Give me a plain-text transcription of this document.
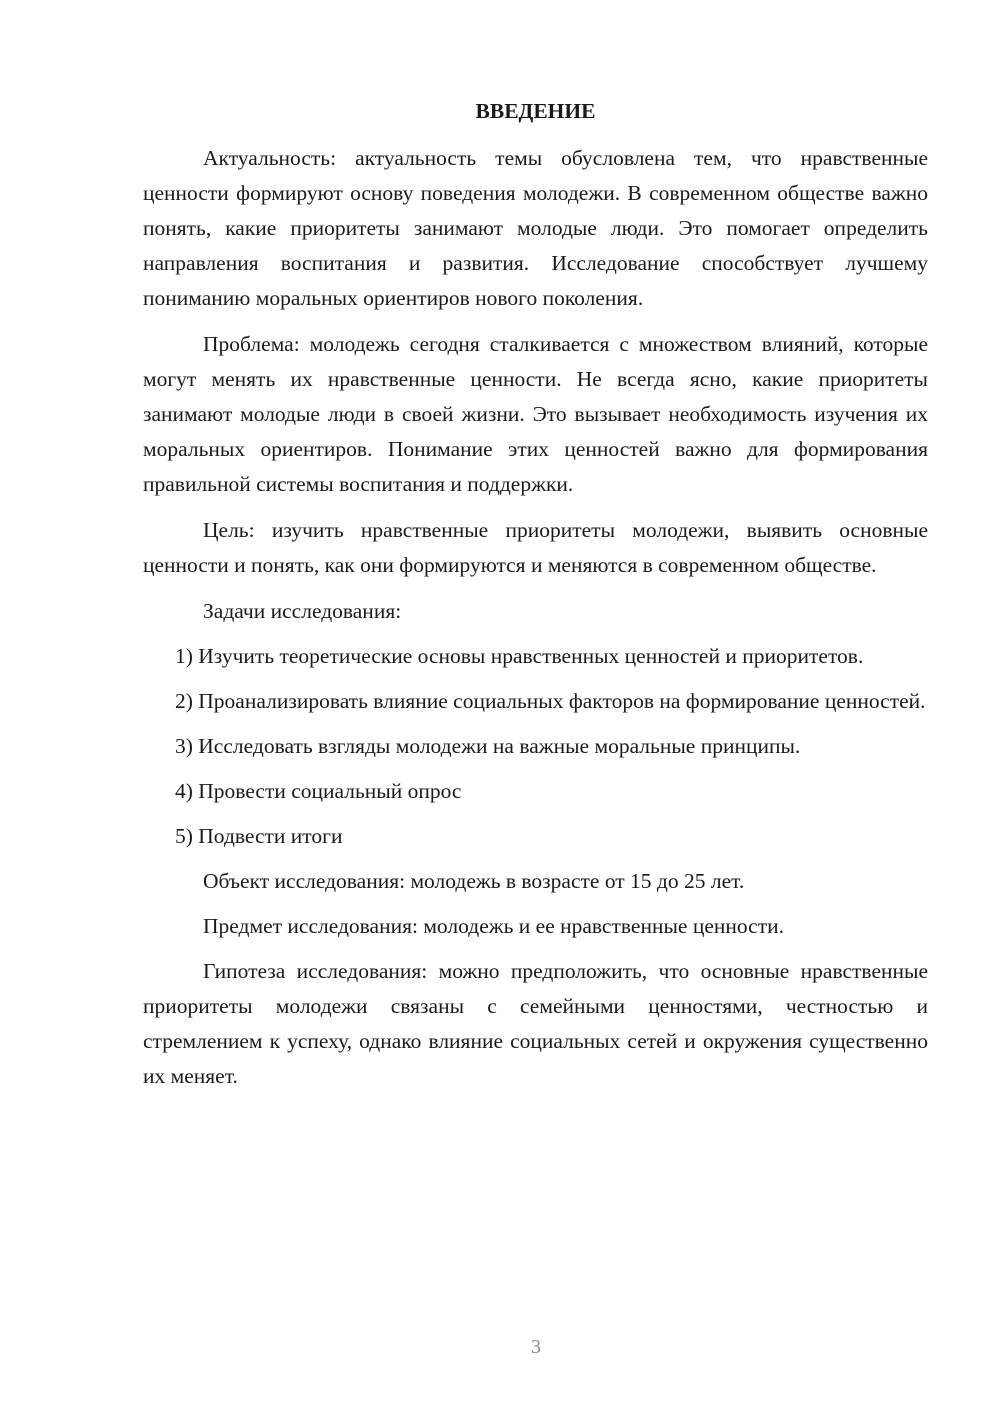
ВВЕДЕНИЕ

Актуальность: актуальность темы обусловлена тем, что нравственные ценности формируют основу поведения молодежи. В современном обществе важно понять, какие приоритеты занимают молодые люди. Это помогает определить направления воспитания и развития. Исследование способствует лучшему пониманию моральных ориентиров нового поколения.

Проблема: молодежь сегодня сталкивается с множеством влияний, которые могут менять их нравственные ценности. Не всегда ясно, какие приоритеты занимают молодые люди в своей жизни. Это вызывает необходимость изучения их моральных ориентиров. Понимание этих ценностей важно для формирования правильной системы воспитания и поддержки.

Цель: изучить нравственные приоритеты молодежи, выявить основные ценности и понять, как они формируются и меняются в современном обществе.

Задачи исследования:

1) Изучить теоретические основы нравственных ценностей и приоритетов.

2) Проанализировать влияние социальных факторов на формирование ценностей.

3) Исследовать взгляды молодежи на важные моральные принципы.

4) Провести социальный опрос

5) Подвести итоги

Объект исследования: молодежь в возрасте от 15 до 25 лет.

Предмет исследования: молодежь и ее нравственные ценности.

Гипотеза исследования: можно предположить, что основные нравственные приоритеты молодежи связаны с семейными ценностями, честностью и стремлением к успеху, однако влияние социальных сетей и окружения существенно их меняет.

3
